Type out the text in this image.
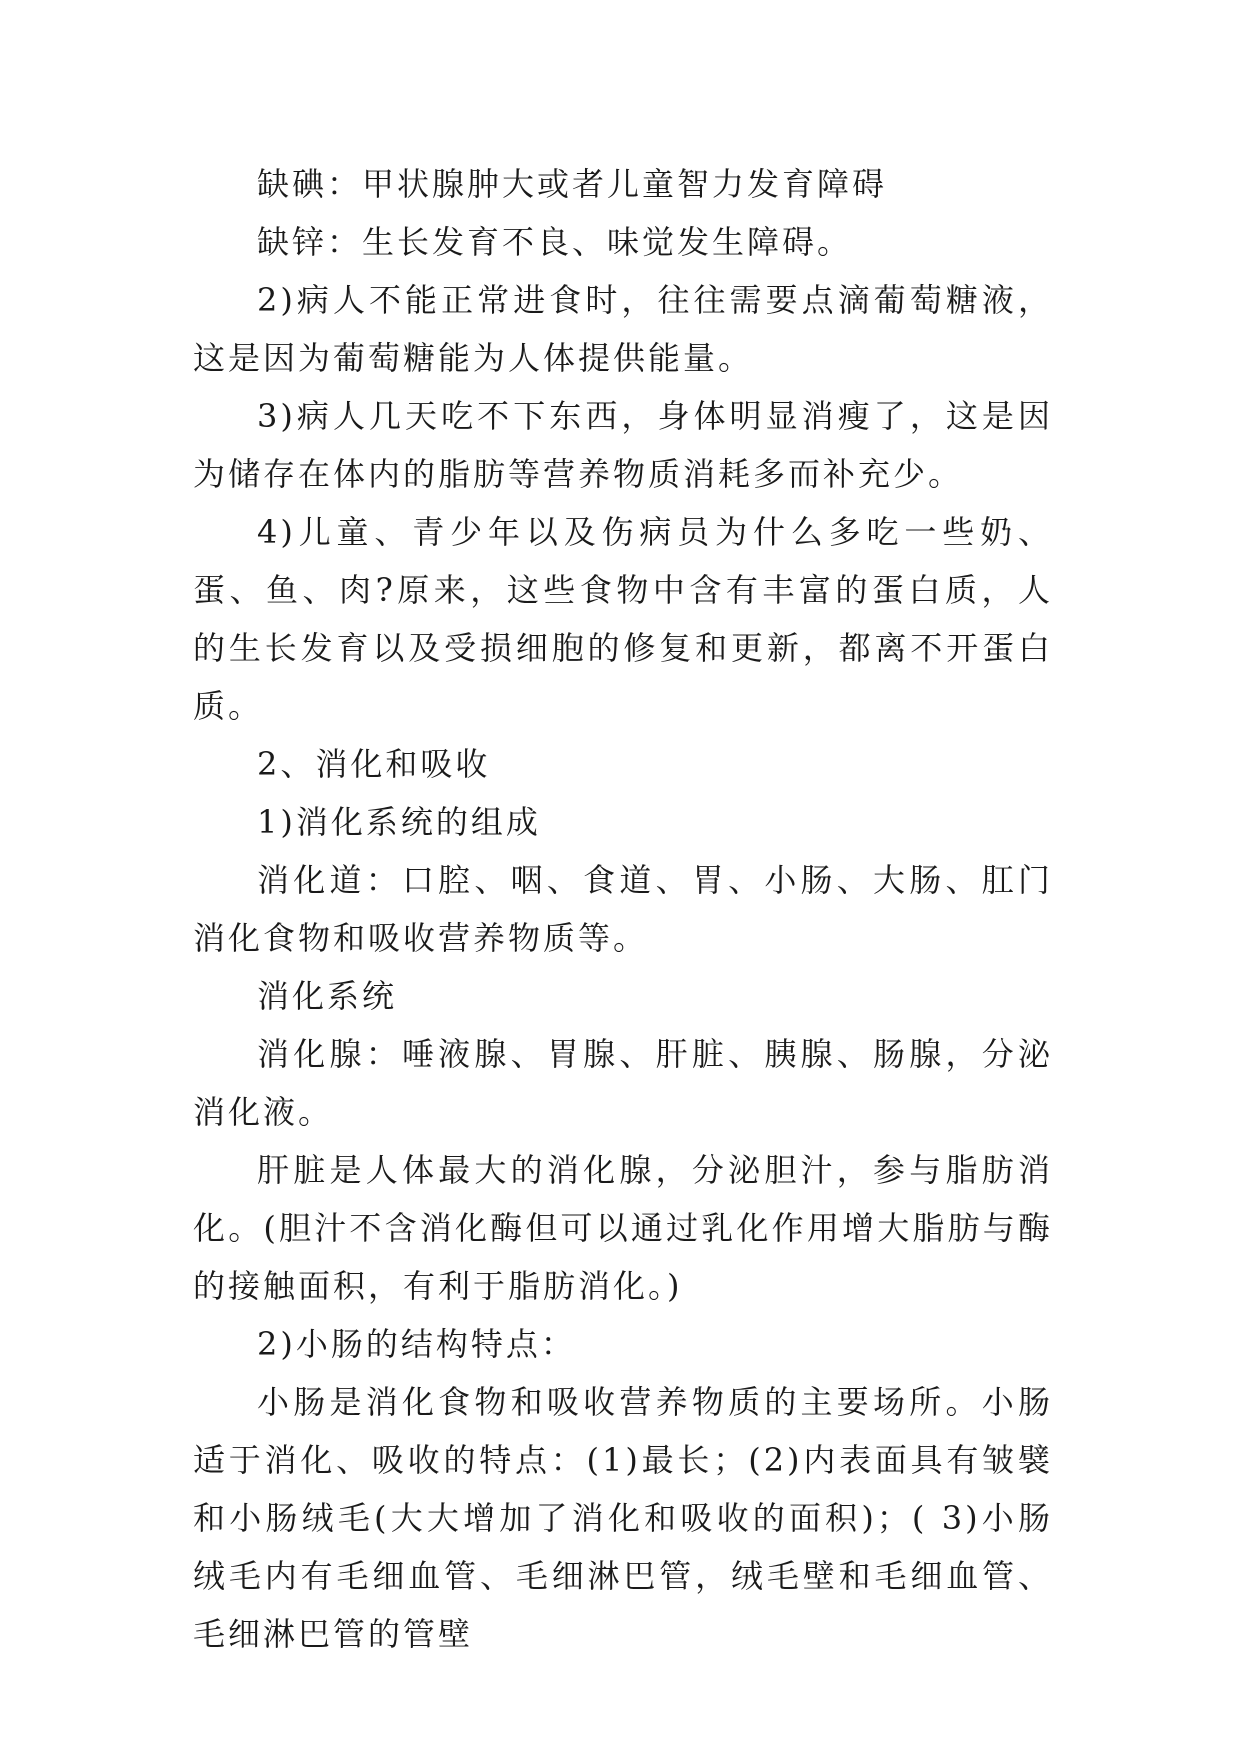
缺碘：甲状腺肿大或者儿童智力发育障碍

缺锌：生长发育不良、味觉发生障碍。

2)病人不能正常进食时，往往需要点滴葡萄糖液，这是因为葡萄糖能为人体提供能量。

3)病人几天吃不下东西，身体明显消瘦了，这是因为储存在体内的脂肪等营养物质消耗多而补充少。

4)儿童、青少年以及伤病员为什么多吃一些奶、蛋、鱼、肉?原来，这些食物中含有丰富的蛋白质，人的生长发育以及受损细胞的修复和更新，都离不开蛋白质。

2、消化和吸收

1)消化系统的组成

消化道：口腔、咽、食道、胃、小肠、大肠、肛门 消化食物和吸收营养物质等。

消化系统

消化腺：唾液腺、胃腺、肝脏、胰腺、肠腺，分泌消化液。

肝脏是人体最大的消化腺，分泌胆汁，参与脂肪消化。(胆汁不含消化酶但可以通过乳化作用增大脂肪与酶的接触面积，有利于脂肪消化。)

2)小肠的结构特点：

小肠是消化食物和吸收营养物质的主要场所。小肠适于消化、吸收的特点：(1)最长；(2)内表面具有皱襞和小肠绒毛(大大增加了消化和吸收的面积)；( 3)小肠绒毛内有毛细血管、毛细淋巴管，绒毛壁和毛细血管、毛细淋巴管的管壁
